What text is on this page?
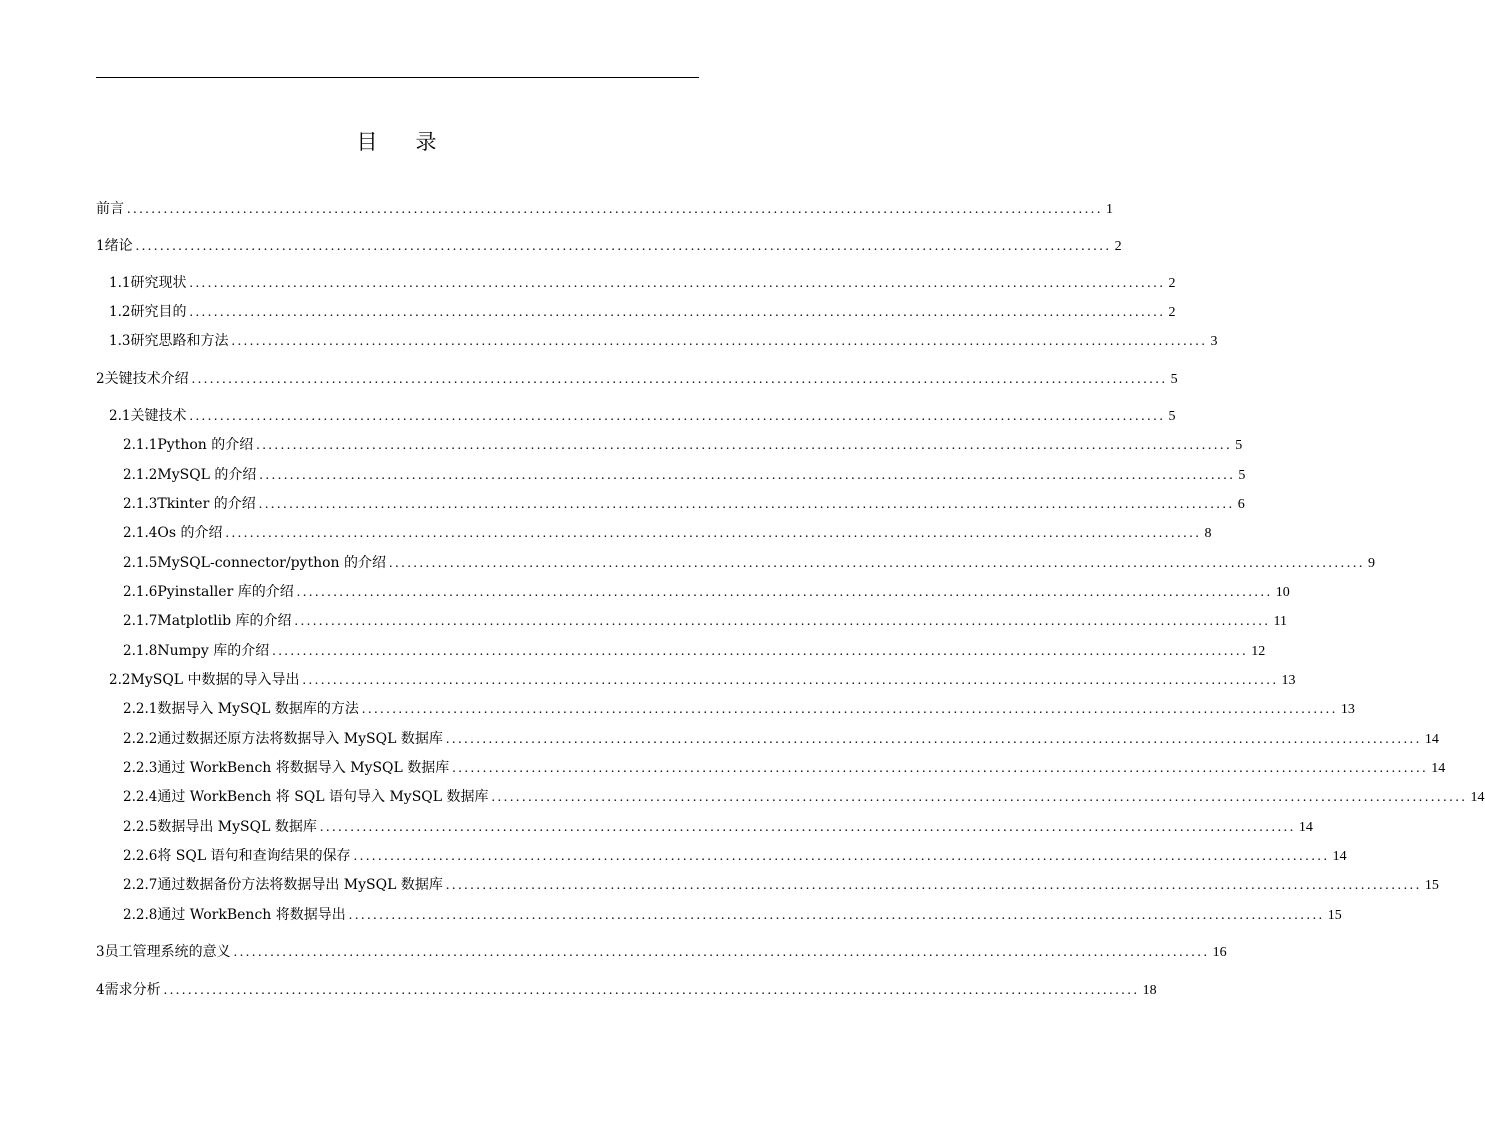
目 录
前言 ................................................................................................................................................................ 1
1 绪论 ................................................................................................................................................................ 2
1.1 研究现状 ................................................................................................................................................................ 2
1.2 研究目的 ................................................................................................................................................................ 2
1.3 研究思路和方法 ................................................................................................................................................................ 3
2 关键技术介绍 ................................................................................................................................................................ 5
2.1 关键技术 ................................................................................................................................................................ 5
2.1.1 Python 的介绍 ................................................................................................................................................................ 5
2.1.2 MySQL 的介绍 ................................................................................................................................................................ 5
2.1.3 Tkinter 的介绍 ................................................................................................................................................................ 6
2.1.4 Os 的介绍 ................................................................................................................................................................ 8
2.1.5 MySQL-connector/python 的介绍 ................................................................................................................................................................ 9
2.1.6 Pyinstaller 库的介绍 ................................................................................................................................................................ 10
2.1.7 Matplotlib 库的介绍 ................................................................................................................................................................ 11
2.1.8 Numpy 库的介绍 ................................................................................................................................................................ 12
2.2 MySQL 中数据的导入导出 ................................................................................................................................................................ 13
2.2.1 数据导入 MySQL 数据库的方法 ................................................................................................................................................................ 13
2.2.2 通过数据还原方法将数据导入 MySQL 数据库 ................................................................................................................................................................ 14
2.2.3 通过 WorkBench 将数据导入 MySQL 数据库 ................................................................................................................................................................ 14
2.2.4 通过 WorkBench 将 SQL 语句导入 MySQL 数据库 ................................................................................................................................................................ 14
2.2.5 数据导出 MySQL 数据库 ................................................................................................................................................................ 14
2.2.6 将 SQL 语句和查询结果的保存 ................................................................................................................................................................ 14
2.2.7 通过数据备份方法将数据导出 MySQL 数据库 ................................................................................................................................................................ 15
2.2.8 通过 WorkBench 将数据导出 ................................................................................................................................................................ 15
3 员工管理系统的意义 ................................................................................................................................................................ 16
4 需求分析 ................................................................................................................................................................ 18
